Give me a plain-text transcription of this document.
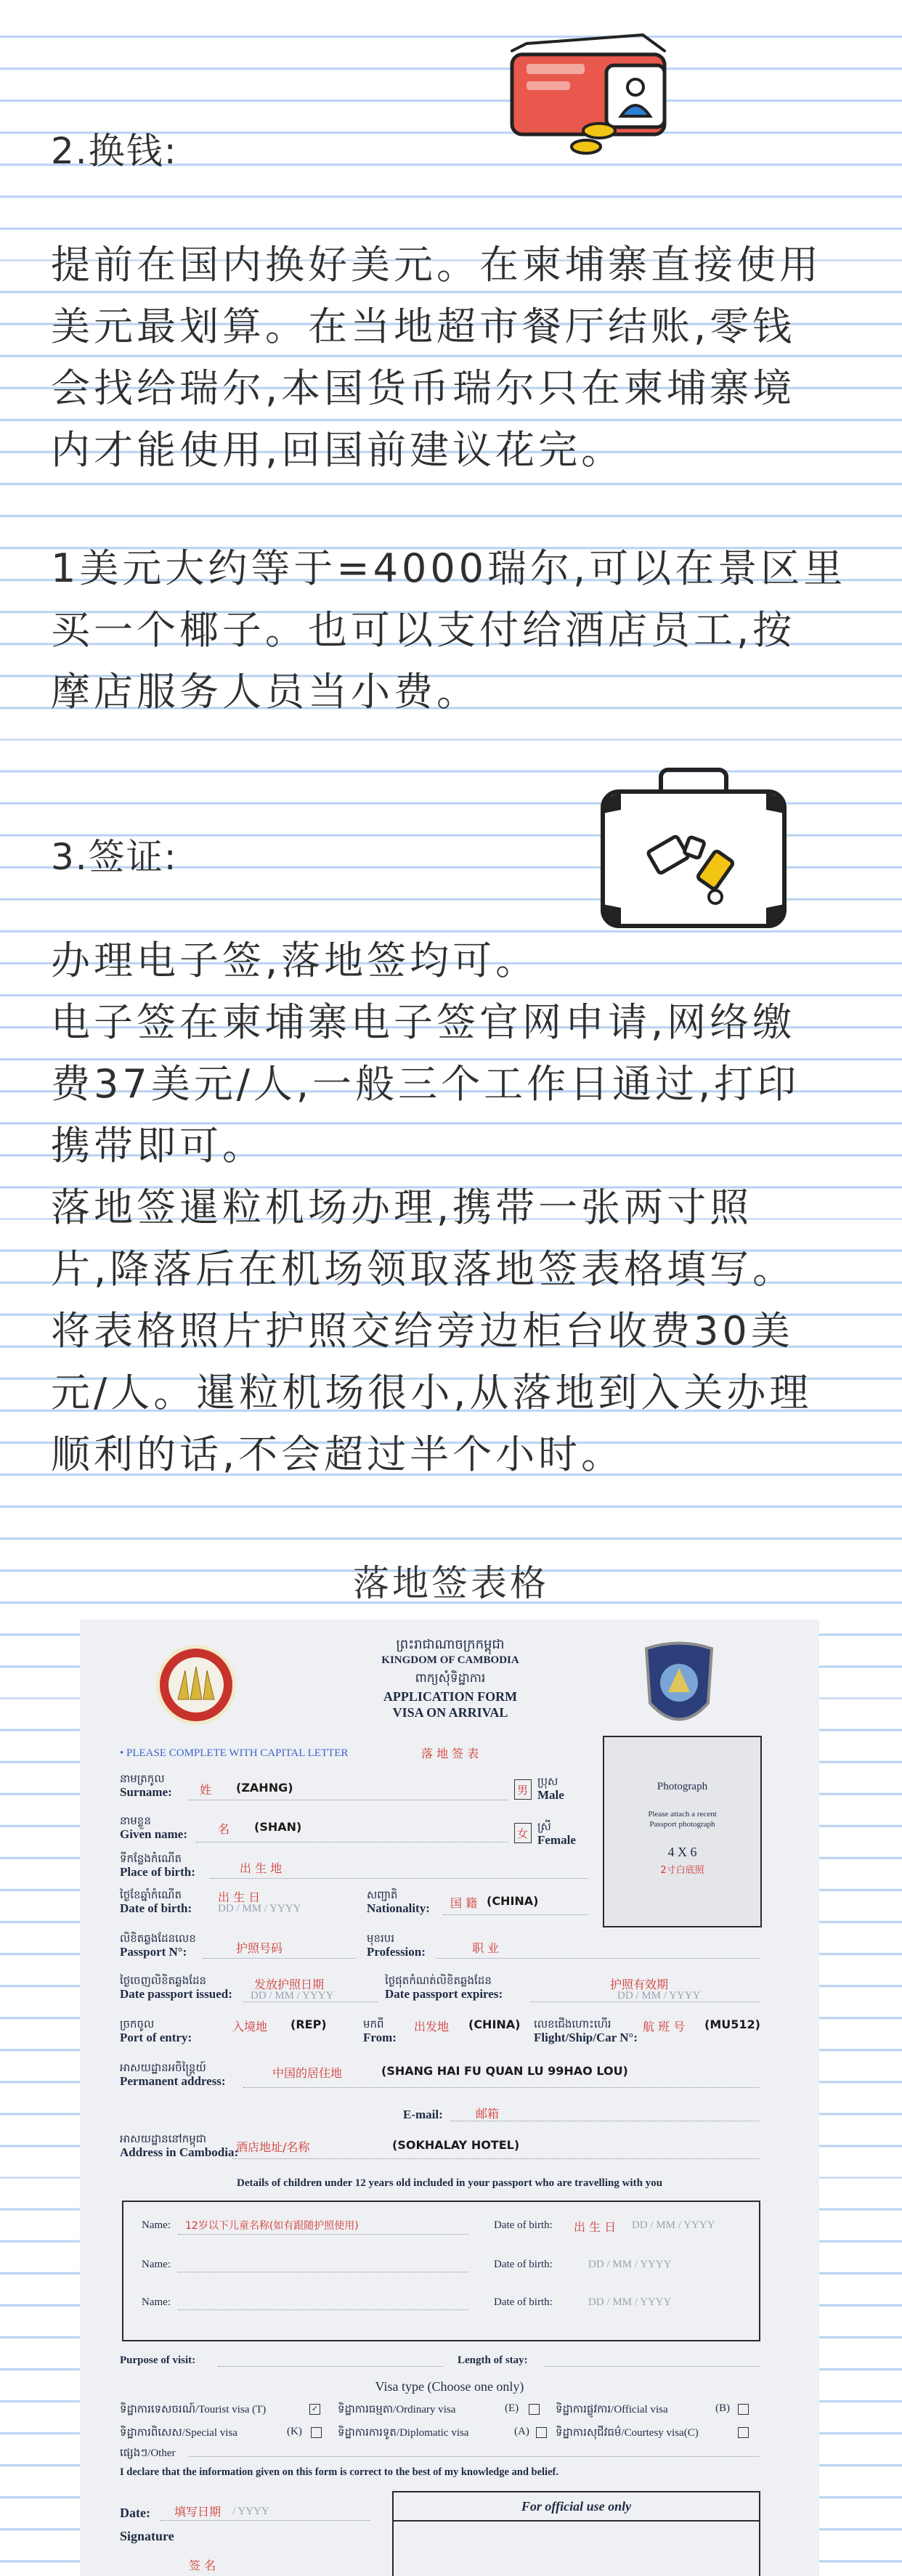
2.换钱:
提前在国内换好美元。在柬埔寨直接使用
美元最划算。在当地超市餐厅结账,零钱
会找给瑞尔,本国货币瑞尔只在柬埔寨境
内才能使用,回国前建议花完。
1美元大约等于=4000瑞尔,可以在景区里
买一个椰子。也可以支付给酒店员工,按
摩店服务人员当小费。
3.签证:
办理电子签,落地签均可。
电子签在柬埔寨电子签官网申请,网络缴
费37美元/人,一般三个工作日通过,打印
携带即可。
落地签暹粒机场办理,携带一张两寸照
片,降落后在机场领取落地签表格填写。
将表格照片护照交给旁边柜台收费30美
元/人。暹粒机场很小,从落地到入关办理
顺利的话,不会超过半个小时。
落地签表格
ព្រះរាជាណាចក្រកម្ពុជា
KINGDOM OF CAMBODIA
ពាក្យសុំទិដ្ឋាការ
APPLICATION FORM
VISA ON ARRIVAL
• PLEASE COMPLETE WITH CAPITAL LETTER	落 地 签 表
Photograph
Please attach a recent
Passport photograph
4 X 6
2寸白底照
នាមត្រកូល
Surname: 姓 (ZAHNG)	男
ប្រុស
Male
នាមខ្លួន
Given name:	名 (SHAN)	女 ស្រី
Female
ទីកន្លែងកំណើត
Place of birth:	出 生 地
ថ្ងៃខែឆ្នាំកំណើត
Date of birth:
出 生 日
DD / MM / YYYY
សញ្ជាតិ
Nationality: 国 籍 (CHINA)
លិខិតឆ្លងដែនលេខ
Passport N°:	护照号码
មុខរបរ
Profession:	职 业
ថ្ងៃចេញលិខិតឆ្លងដែន
Date passport issued:
发放护照日期
DD / MM / YYYY
ថ្ងៃផុតកំណត់លិខិតឆ្លងដែន
Date passport expires:
护照有效期
DD / MM / YYYY
ច្រកចូល
Port of entry:
入境地 (REP)	មកពី
From:
出发地 (CHINA) លេខជើងហោះហើរ
Flight/Ship/Car N°:
航 班 号 (MU512)
អាសយដ្ឋានអចិន្ត្រៃយ៍
Permanent address:
中国的居住地	(SHANG HAI FU QUAN LU 99HAO LOU)
E-mail:	邮箱
អាសយដ្ឋាននៅកម្ពុជា
Address in Cambodia:
酒店地址/名称	(SOKHALAY HOTEL)
Details of children under 12 years old included in your passport who are travelling with you
Name: 12岁以下儿童名称(如有跟随护照使用)	Date of birth: 出 生 日 DD / MM / YYYY
Name:	Date of birth:	DD / MM / YYYY
Name:	Date of birth:	DD / MM / YYYY
Purpose of visit:	Length of stay:
Visa type (Choose one only)
ទិដ្ឋាការទេសចរណ៍/Tourist visa (T)	✓ ទិដ្ឋាការធម្មតា/Ordinary visa	(E)	ទិដ្ឋាការផ្លូវការ/Official visa	(B)
ទិដ្ឋាការពិសេស/Special visa	(K)	ទិដ្ឋាការការទូត/Diplomatic visa	(A) ទិដ្ឋាការសុជីវធម៌/Courtesy visa(C)
ផ្សេងៗ/Other
I declare that the information given on this form is correct to the best of my knowledge and belief.
Date: 填写日期 / YYYY
Signature
签 名
For official use only
